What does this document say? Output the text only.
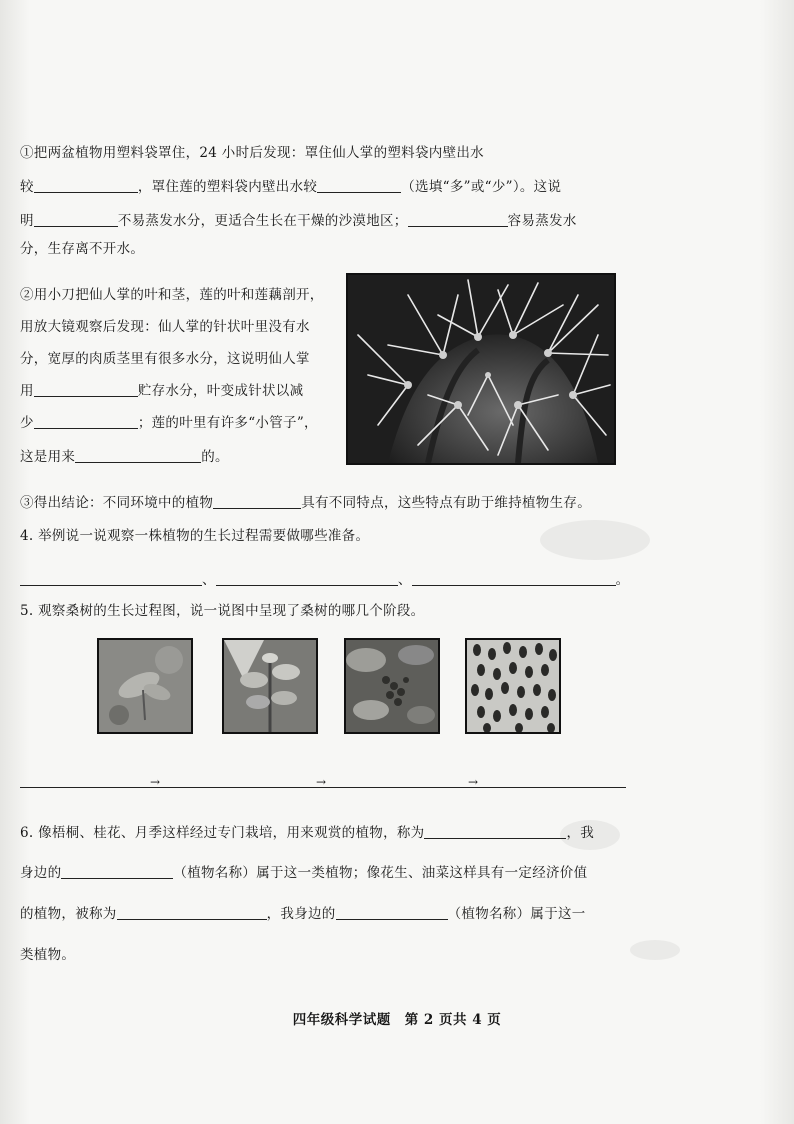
①把两盆植物用塑料袋罩住，24 小时后发现：罩住仙人掌的塑料袋内壁出水
较	，罩住莲的塑料袋内壁出水较	（选填“多”或“少”）。这说
明	不易蒸发水分，更适合生长在干燥的沙漠地区；	容易蒸发水
分，生存离不开水。
②用小刀把仙人掌的叶和茎，莲的叶和莲藕剖开，
用放大镜观察后发现：仙人掌的针状叶里没有水
分，宽厚的肉质茎里有很多水分，这说明仙人掌
用	贮存水分，叶变成针状以减
少	；莲的叶里有许多“小管子”，
这是用来	的。
③得出结论：不同环境中的植物	具有不同特点，这些特点有助于维持植物生存。
4. 举例说一说观察一株植物的生长过程需要做哪些准备。
、	、	。
5. 观察桑树的生长过程图，说一说图中呈现了桑树的哪几个阶段。
→	→	→
6. 像梧桐、桂花、月季这样经过专门栽培，用来观赏的植物，称为	，我
身边的	（植物名称）属于这一类植物；像花生、油菜这样具有一定经济价值
的植物，被称为	，我身边的	（植物名称）属于这一
类植物。
四年级科学试题　第 2 页共 4 页
